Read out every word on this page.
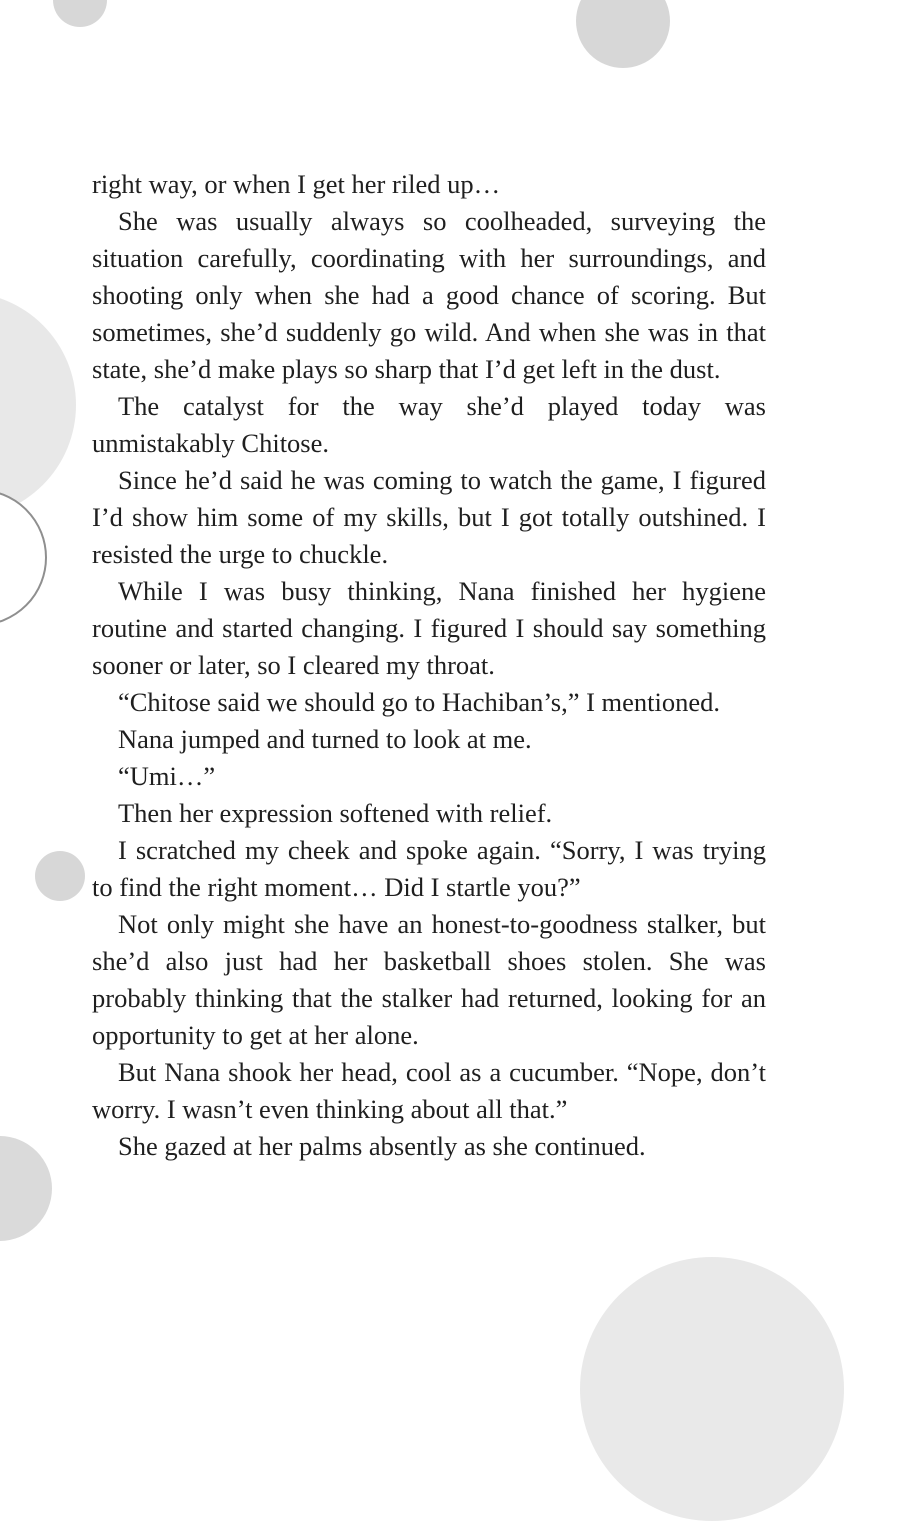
right way, or when I get her riled up…

She was usually always so coolheaded, surveying the situation carefully, coordinating with her surroundings, and shooting only when she had a good chance of scoring. But sometimes, she’d suddenly go wild. And when she was in that state, she’d make plays so sharp that I’d get left in the dust.

The catalyst for the way she’d played today was unmistakably Chitose.

Since he’d said he was coming to watch the game, I figured I’d show him some of my skills, but I got totally outshined. I resisted the urge to chuckle.

While I was busy thinking, Nana finished her hygiene routine and started changing. I figured I should say something sooner or later, so I cleared my throat.

“Chitose said we should go to Hachiban’s,” I mentioned.

Nana jumped and turned to look at me.

“Umi…”

Then her expression softened with relief.

I scratched my cheek and spoke again. “Sorry, I was trying to find the right moment… Did I startle you?”

Not only might she have an honest-to-goodness stalker, but she’d also just had her basketball shoes stolen. She was probably thinking that the stalker had returned, looking for an opportunity to get at her alone.

But Nana shook her head, cool as a cucumber. “Nope, don’t worry. I wasn’t even thinking about all that.”

She gazed at her palms absently as she continued.
